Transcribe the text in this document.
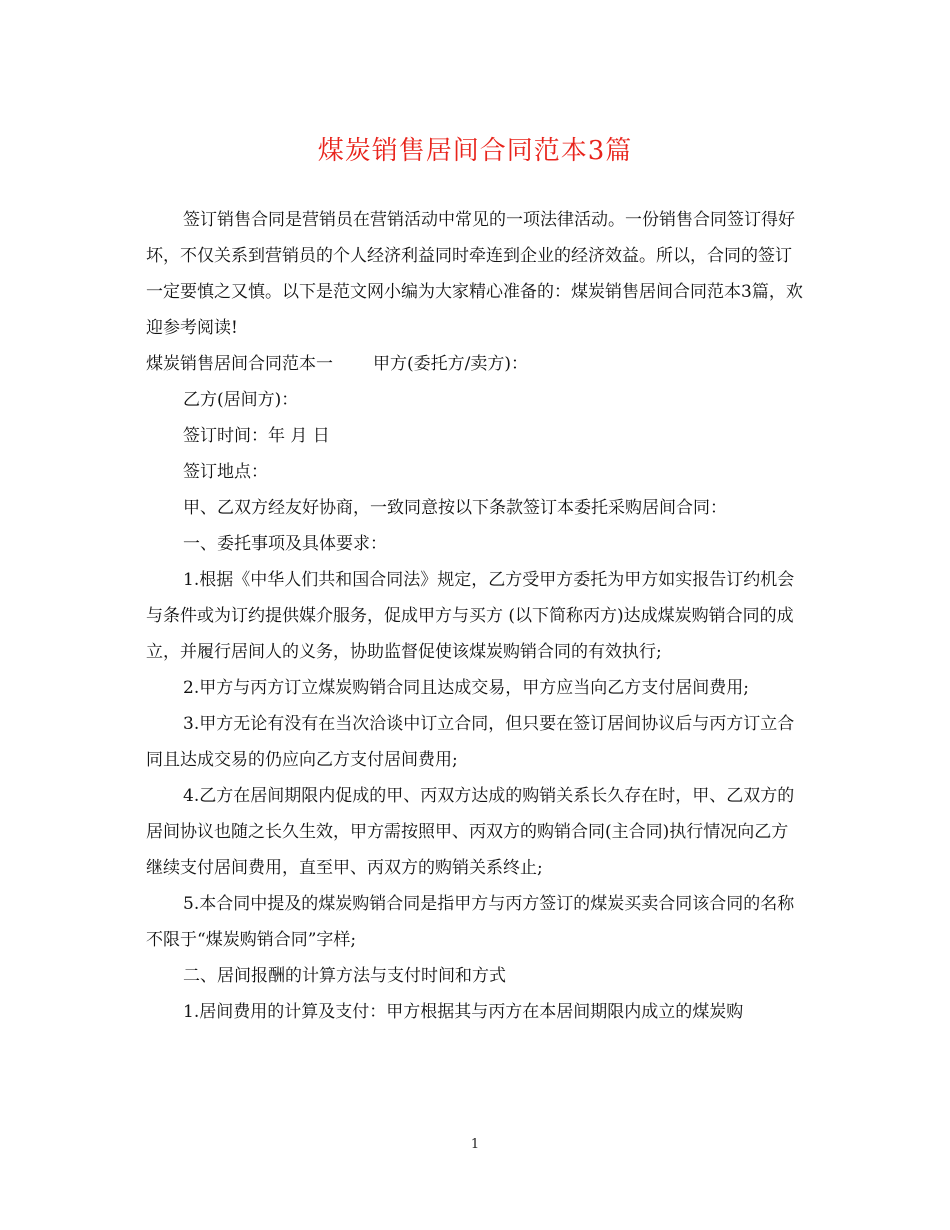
煤炭销售居间合同范本3篇

签订销售合同是营销员在营销活动中常见的一项法律活动。一份销售合同签订得好坏，不仅关系到营销员的个人经济利益同时牵连到企业的经济效益。所以，合同的签订一定要慎之又慎。以下是范文网小编为大家精心准备的：煤炭销售居间合同范本3篇，欢迎参考阅读!

煤炭销售居间合同范本一 甲方(委托方/卖方)：

乙方(居间方)：

签订时间：年 月 日

签订地点：

甲、乙双方经友好协商，一致同意按以下条款签订本委托采购居间合同：

一、委托事项及具体要求：

1.根据《中华人们共和国合同法》规定，乙方受甲方委托为甲方如实报告订约机会与条件或为订约提供媒介服务，促成甲方与买方 (以下简称丙方)达成煤炭购销合同的成立，并履行居间人的义务，协助监督促使该煤炭购销合同的有效执行;

2.甲方与丙方订立煤炭购销合同且达成交易，甲方应当向乙方支付居间费用;

3.甲方无论有没有在当次洽谈中订立合同，但只要在签订居间协议后与丙方订立合同且达成交易的仍应向乙方支付居间费用;

4.乙方在居间期限内促成的甲、丙双方达成的购销关系长久存在时，甲、乙双方的居间协议也随之长久生效，甲方需按照甲、丙双方的购销合同(主合同)执行情况向乙方继续支付居间费用，直至甲、丙双方的购销关系终止;

5.本合同中提及的煤炭购销合同是指甲方与丙方签订的煤炭买卖合同该合同的名称不限于“煤炭购销合同”字样;

二、居间报酬的计算方法与支付时间和方式

1.居间费用的计算及支付：甲方根据其与丙方在本居间期限内成立的煤炭购

1
